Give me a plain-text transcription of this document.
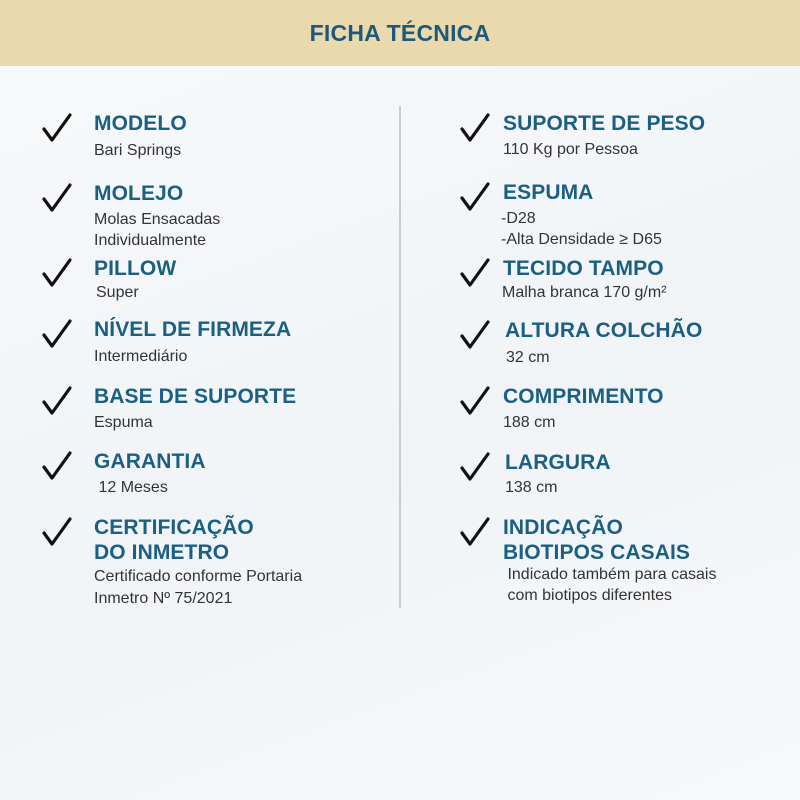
FICHA TÉCNICA
MODELO
Bari Springs
MOLEJO
Molas Ensacadas
Individualmente
PILLOW
Super
NÍVEL DE FIRMEZA
Intermediário
BASE DE SUPORTE
Espuma
GARANTIA
12 Meses
CERTIFICAÇÃO
DO INMETRO
Certificado conforme Portaria
Inmetro Nº 75/2021
SUPORTE DE PESO
110 Kg por Pessoa
ESPUMA
-D28
-Alta Densidade ≥ D65
TECIDO TAMPO
Malha branca 170 g/m²
ALTURA COLCHÃO
32 cm
COMPRIMENTO
188 cm
LARGURA
138 cm
INDICAÇÃO
BIOTIPOS CASAIS
Indicado também para casais
com biotipos diferentes
